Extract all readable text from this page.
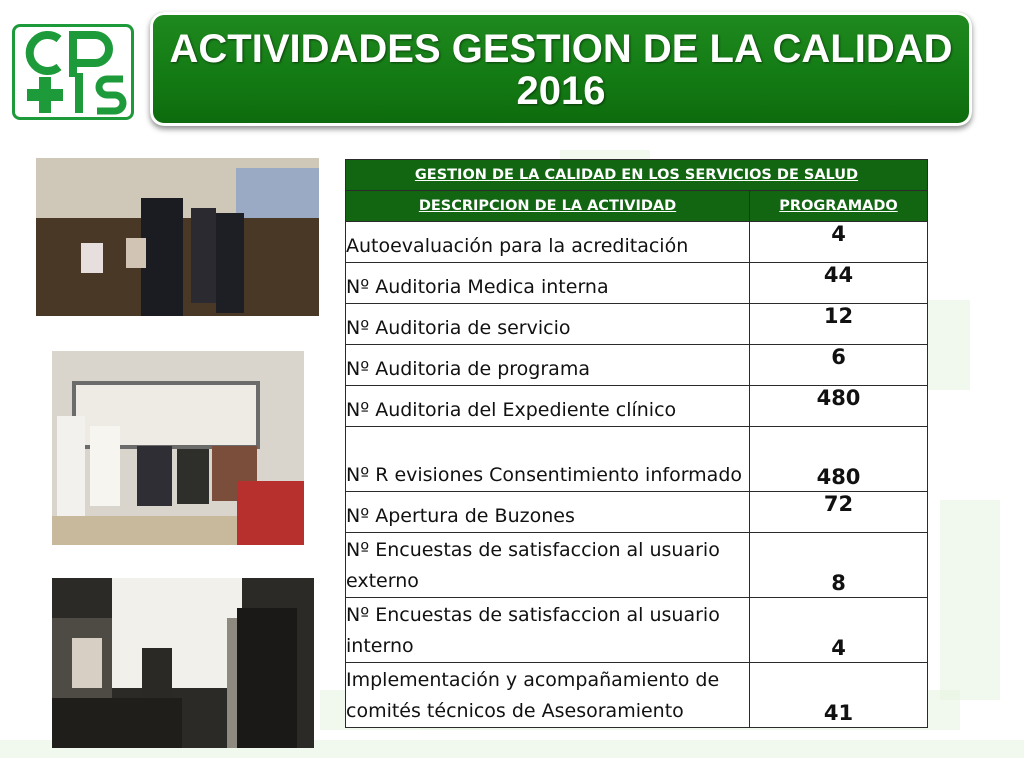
ACTIVIDADES GESTION DE LA CALIDAD 2016
GESTION DE LA CALIDAD EN LOS SERVICIOS DE SALUD	
DESCRIPCION DE LA ACTIVIDAD	PROGRAMADO
Autoevaluación para la acreditación	4
Nº Auditoria Medica interna	44
Nº Auditoria de servicio	12
Nº Auditoria de programa	6
Nº Auditoria del Expediente clínico	480
Nº R evisiones Consentimiento informado	480
Nº Apertura de Buzones	72
Nº Encuestas de satisfaccion al usuario externo	8
Nº Encuestas de satisfaccion al usuario interno	4
Implementación y acompañamiento de comités técnicos de Asesoramiento	41
